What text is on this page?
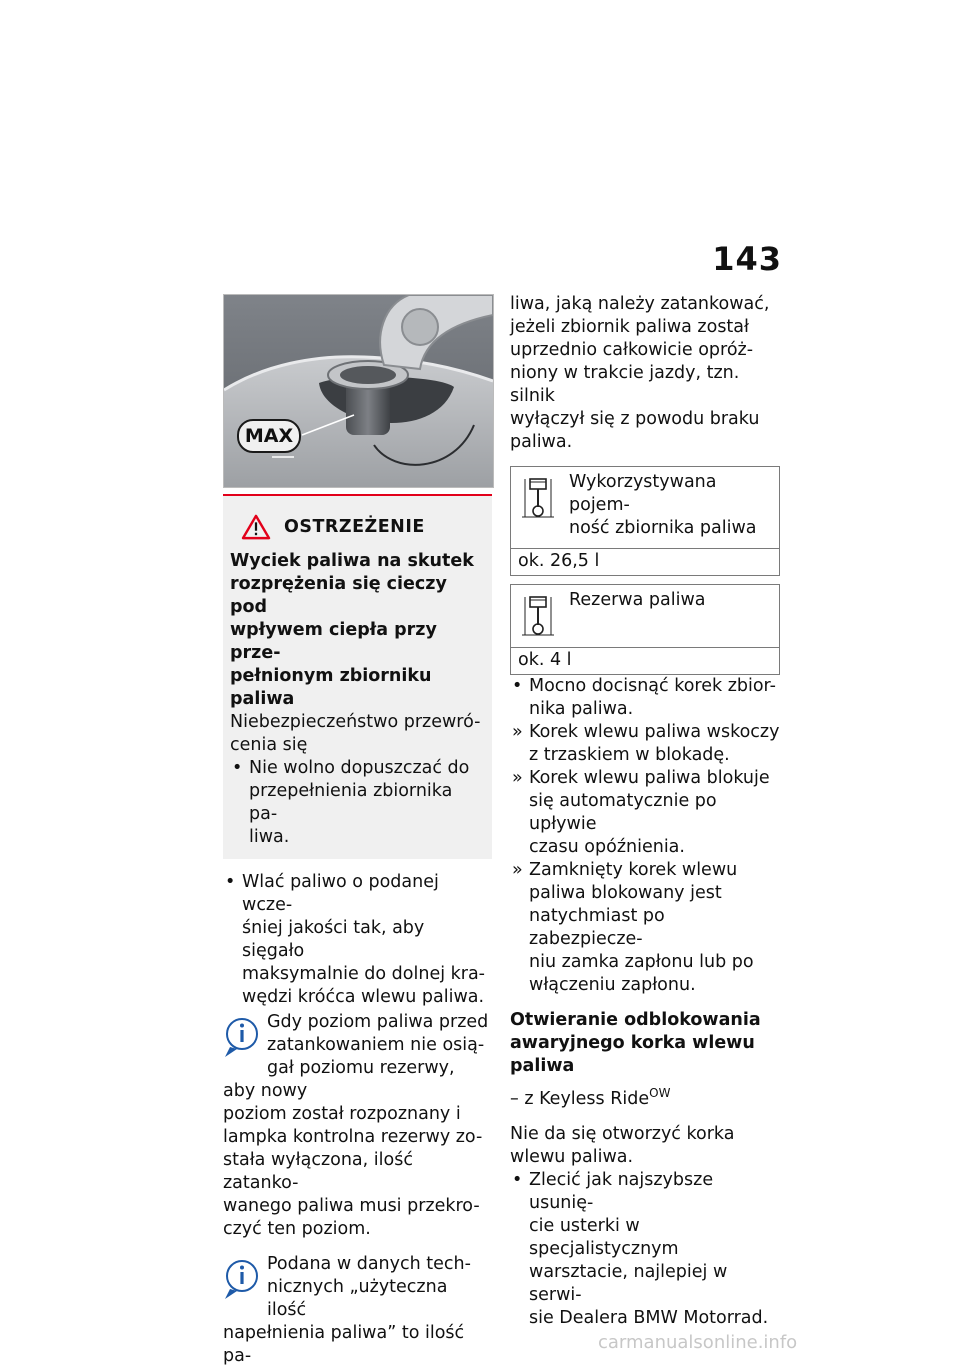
143
MAX
OSTRZEŻENIE
Wyciek paliwa na skutek
rozprężenia się cieczy pod
wpływem ciepła przy prze-
pełnionym zbiorniku paliwa
Niebezpieczeństwo przewró-
cenia się
• Nie wolno dopuszczać do
przepełnienia zbiornika pa-
liwa.
• Wlać paliwo o podanej wcze-
śniej jakości tak, aby sięgało
maksymalnie do dolnej kra-
wędzi króćca wlewu paliwa.
Gdy poziom paliwa przed
zatankowaniem nie osią-
gał poziomu rezerwy, aby nowy
poziom został rozpoznany i
lampka kontrolna rezerwy zo-
stała wyłączona, ilość zatanko-
wanego paliwa musi przekro-
czyć ten poziom.
Podana w danych tech-
nicznych „użyteczna ilość
napełnienia paliwa” to ilość pa-
liwa, jaką należy zatankować,
jeżeli zbiornik paliwa został
uprzednio całkowicie opróż-
niony w trakcie jazdy, tzn. silnik
wyłączył się z powodu braku
paliwa.
Wykorzystywana pojem-
ność zbiornika paliwa
ok. 26,5 l
Rezerwa paliwa
ok. 4 l
• Mocno docisnąć korek zbior-
nika paliwa.
» Korek wlewu paliwa wskoczy
z trzaskiem w blokadę.
» Korek wlewu paliwa blokuje
się automatycznie po upływie
czasu opóźnienia.
» Zamknięty korek wlewu
paliwa blokowany jest
natychmiast po zabezpiecze-
niu zamka zapłonu lub po
włączeniu zapłonu.
Otwieranie odblokowania
awaryjnego korka wlewu
paliwa
– z Keyless Ride$^{OW}$
Nie da się otworzyć korka
wlewu paliwa.
• Zlecić jak najszybsze usunię-
cie usterki w specjalistycznym
warsztacie, najlepiej w serwi-
sie Dealera BMW Motorrad.
carmanualsonline.info
